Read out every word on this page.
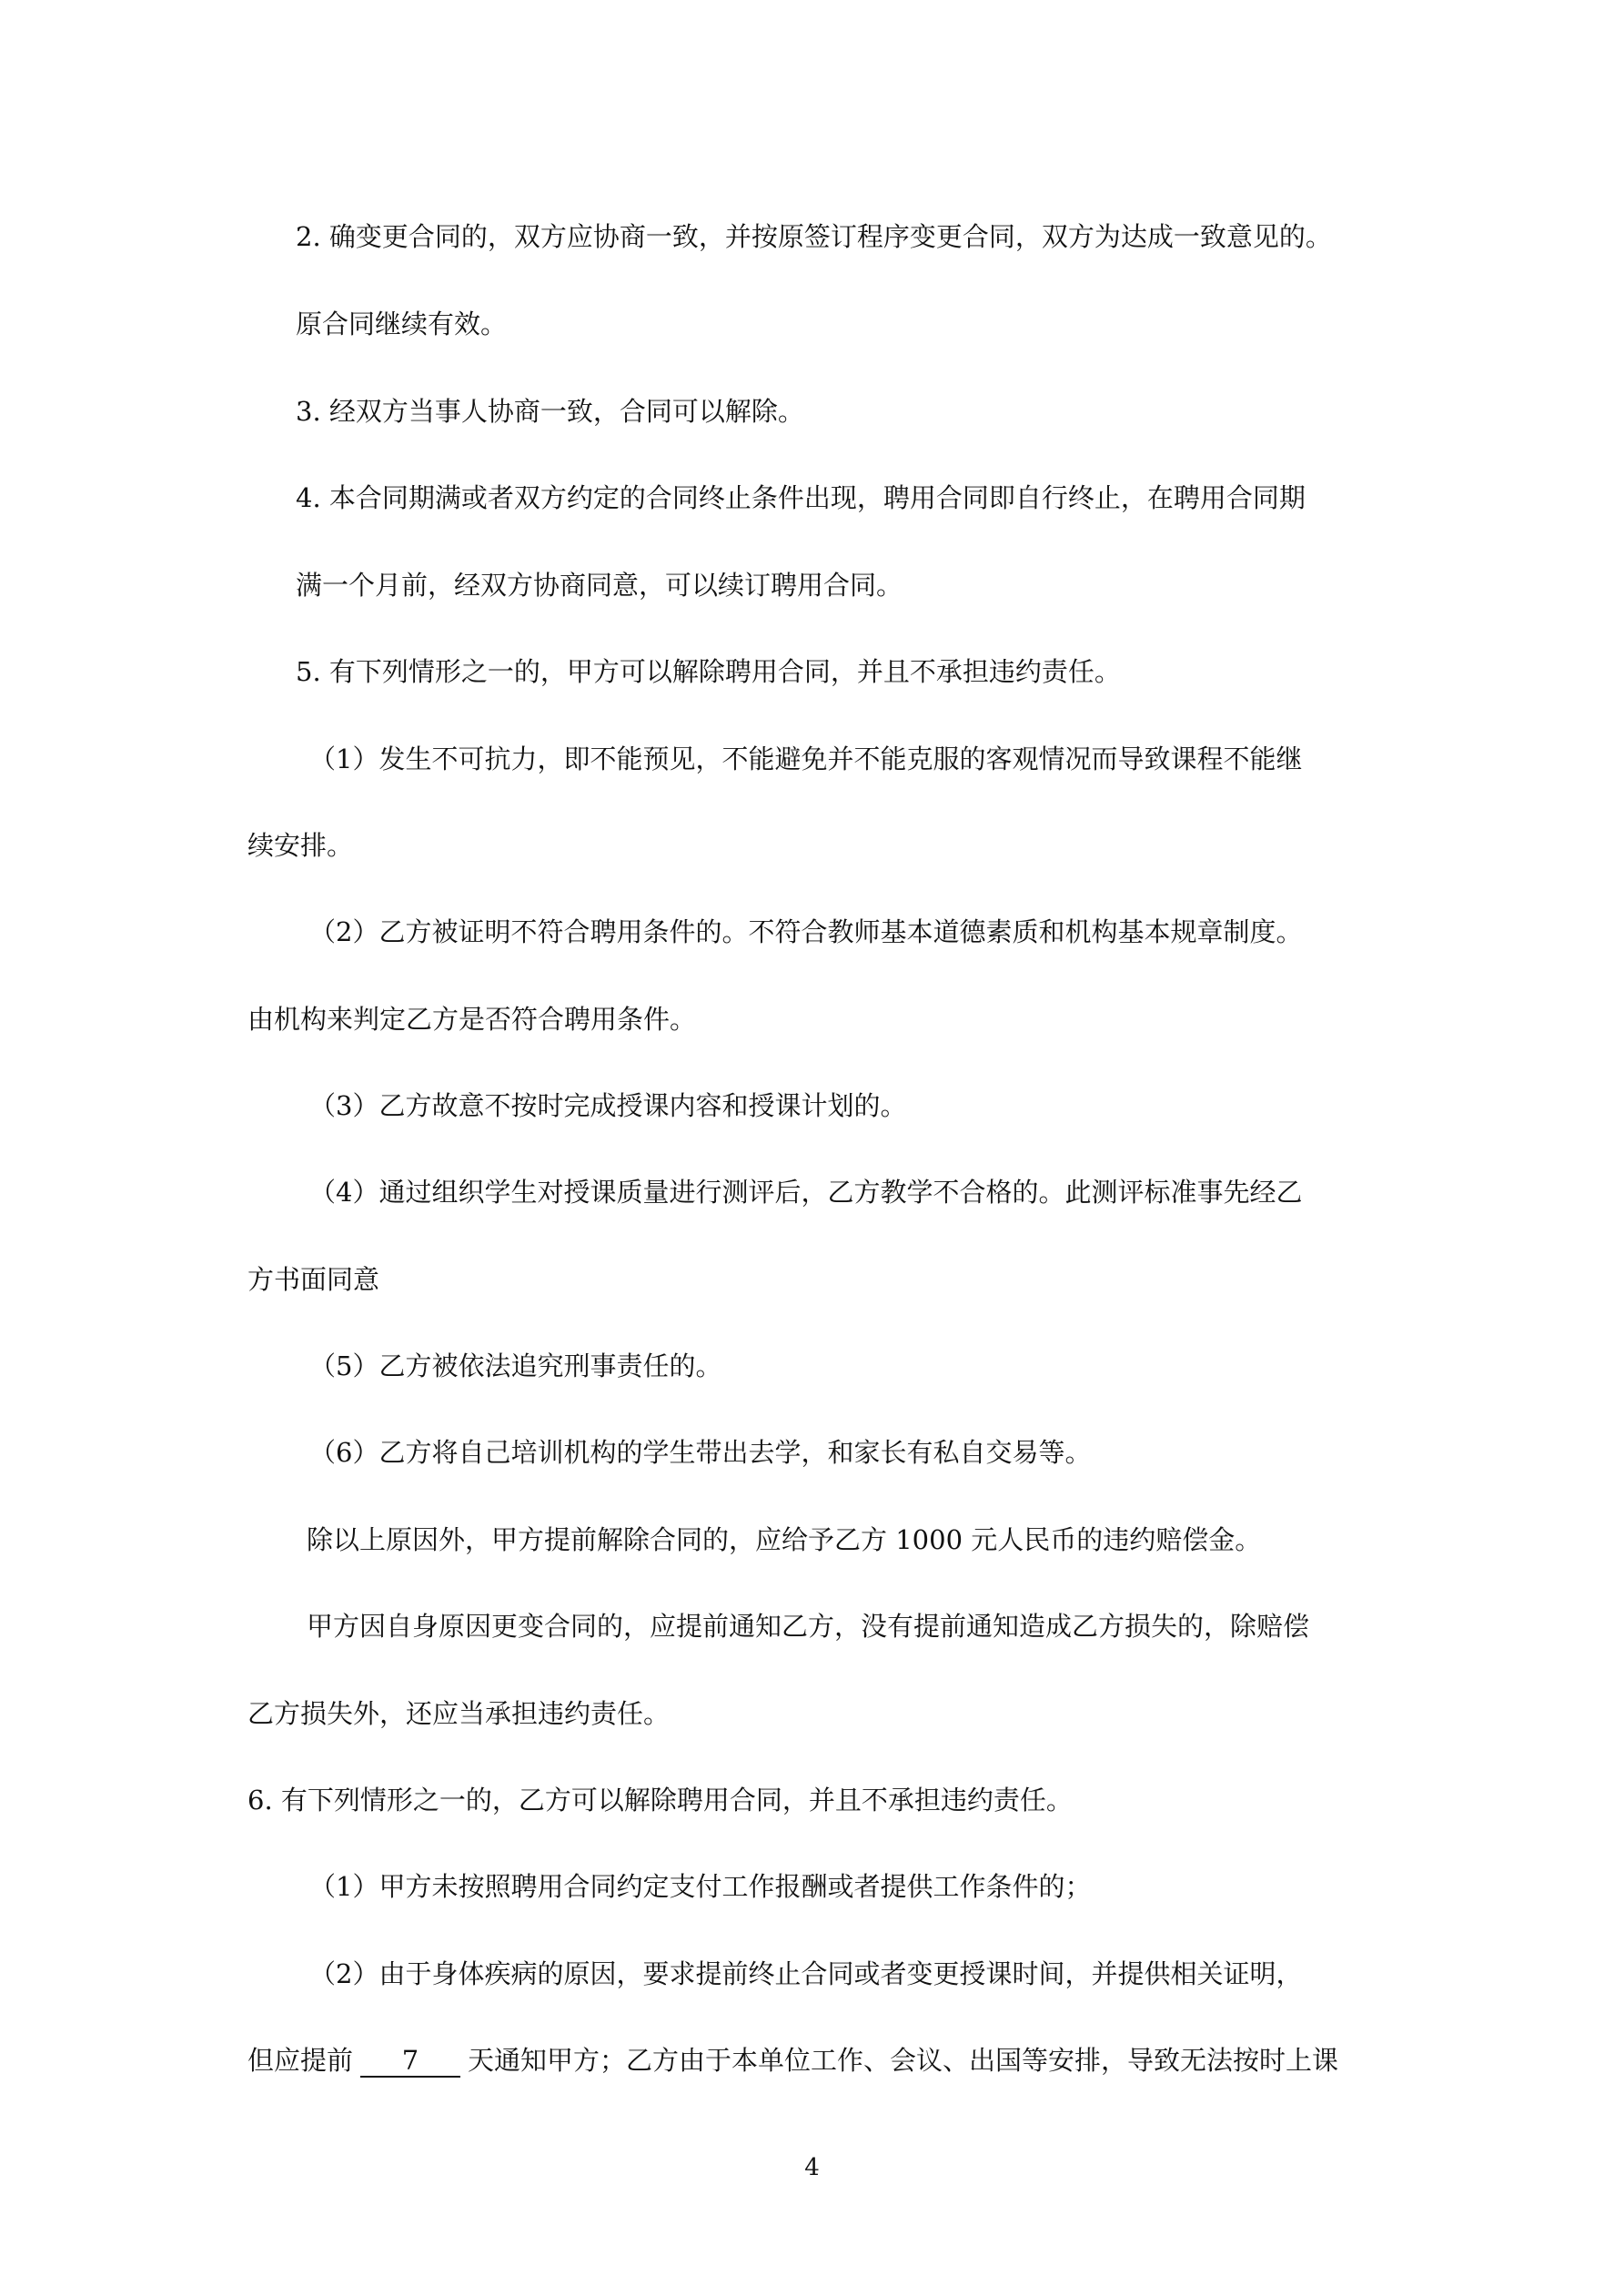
2. 确变更合同的，双方应协商一致，并按原签订程序变更合同，双方为达成一致意见的。

原合同继续有效。

3. 经双方当事人协商一致，合同可以解除。

4. 本合同期满或者双方约定的合同终止条件出现，聘用合同即自行终止，在聘用合同期

满一个月前，经双方协商同意，可以续订聘用合同。

5. 有下列情形之一的，甲方可以解除聘用合同，并且不承担违约责任。

（1）发生不可抗力，即不能预见，不能避免并不能克服的客观情况而导致课程不能继

续安排。

（2）乙方被证明不符合聘用条件的。不符合教师基本道德素质和机构基本规章制度。

由机构来判定乙方是否符合聘用条件。

（3）乙方故意不按时完成授课内容和授课计划的。

（4）通过组织学生对授课质量进行测评后，乙方教学不合格的。此测评标准事先经乙

方书面同意

（5）乙方被依法追究刑事责任的。

（6）乙方将自己培训机构的学生带出去学，和家长有私自交易等。

除以上原因外，甲方提前解除合同的，应给予乙方 1000 元人民币的违约赔偿金。

甲方因自身原因更变合同的，应提前通知乙方，没有提前通知造成乙方损失的，除赔偿

乙方损失外，还应当承担违约责任。

6. 有下列情形之一的，乙方可以解除聘用合同，并且不承担违约责任。

（1）甲方未按照聘用合同约定支付工作报酬或者提供工作条件的；

（2）由于身体疾病的原因，要求提前终止合同或者变更授课时间，并提供相关证明，

但应提前 7 天通知甲方；乙方由于本单位工作、会议、出国等安排，导致无法按时上课

4
